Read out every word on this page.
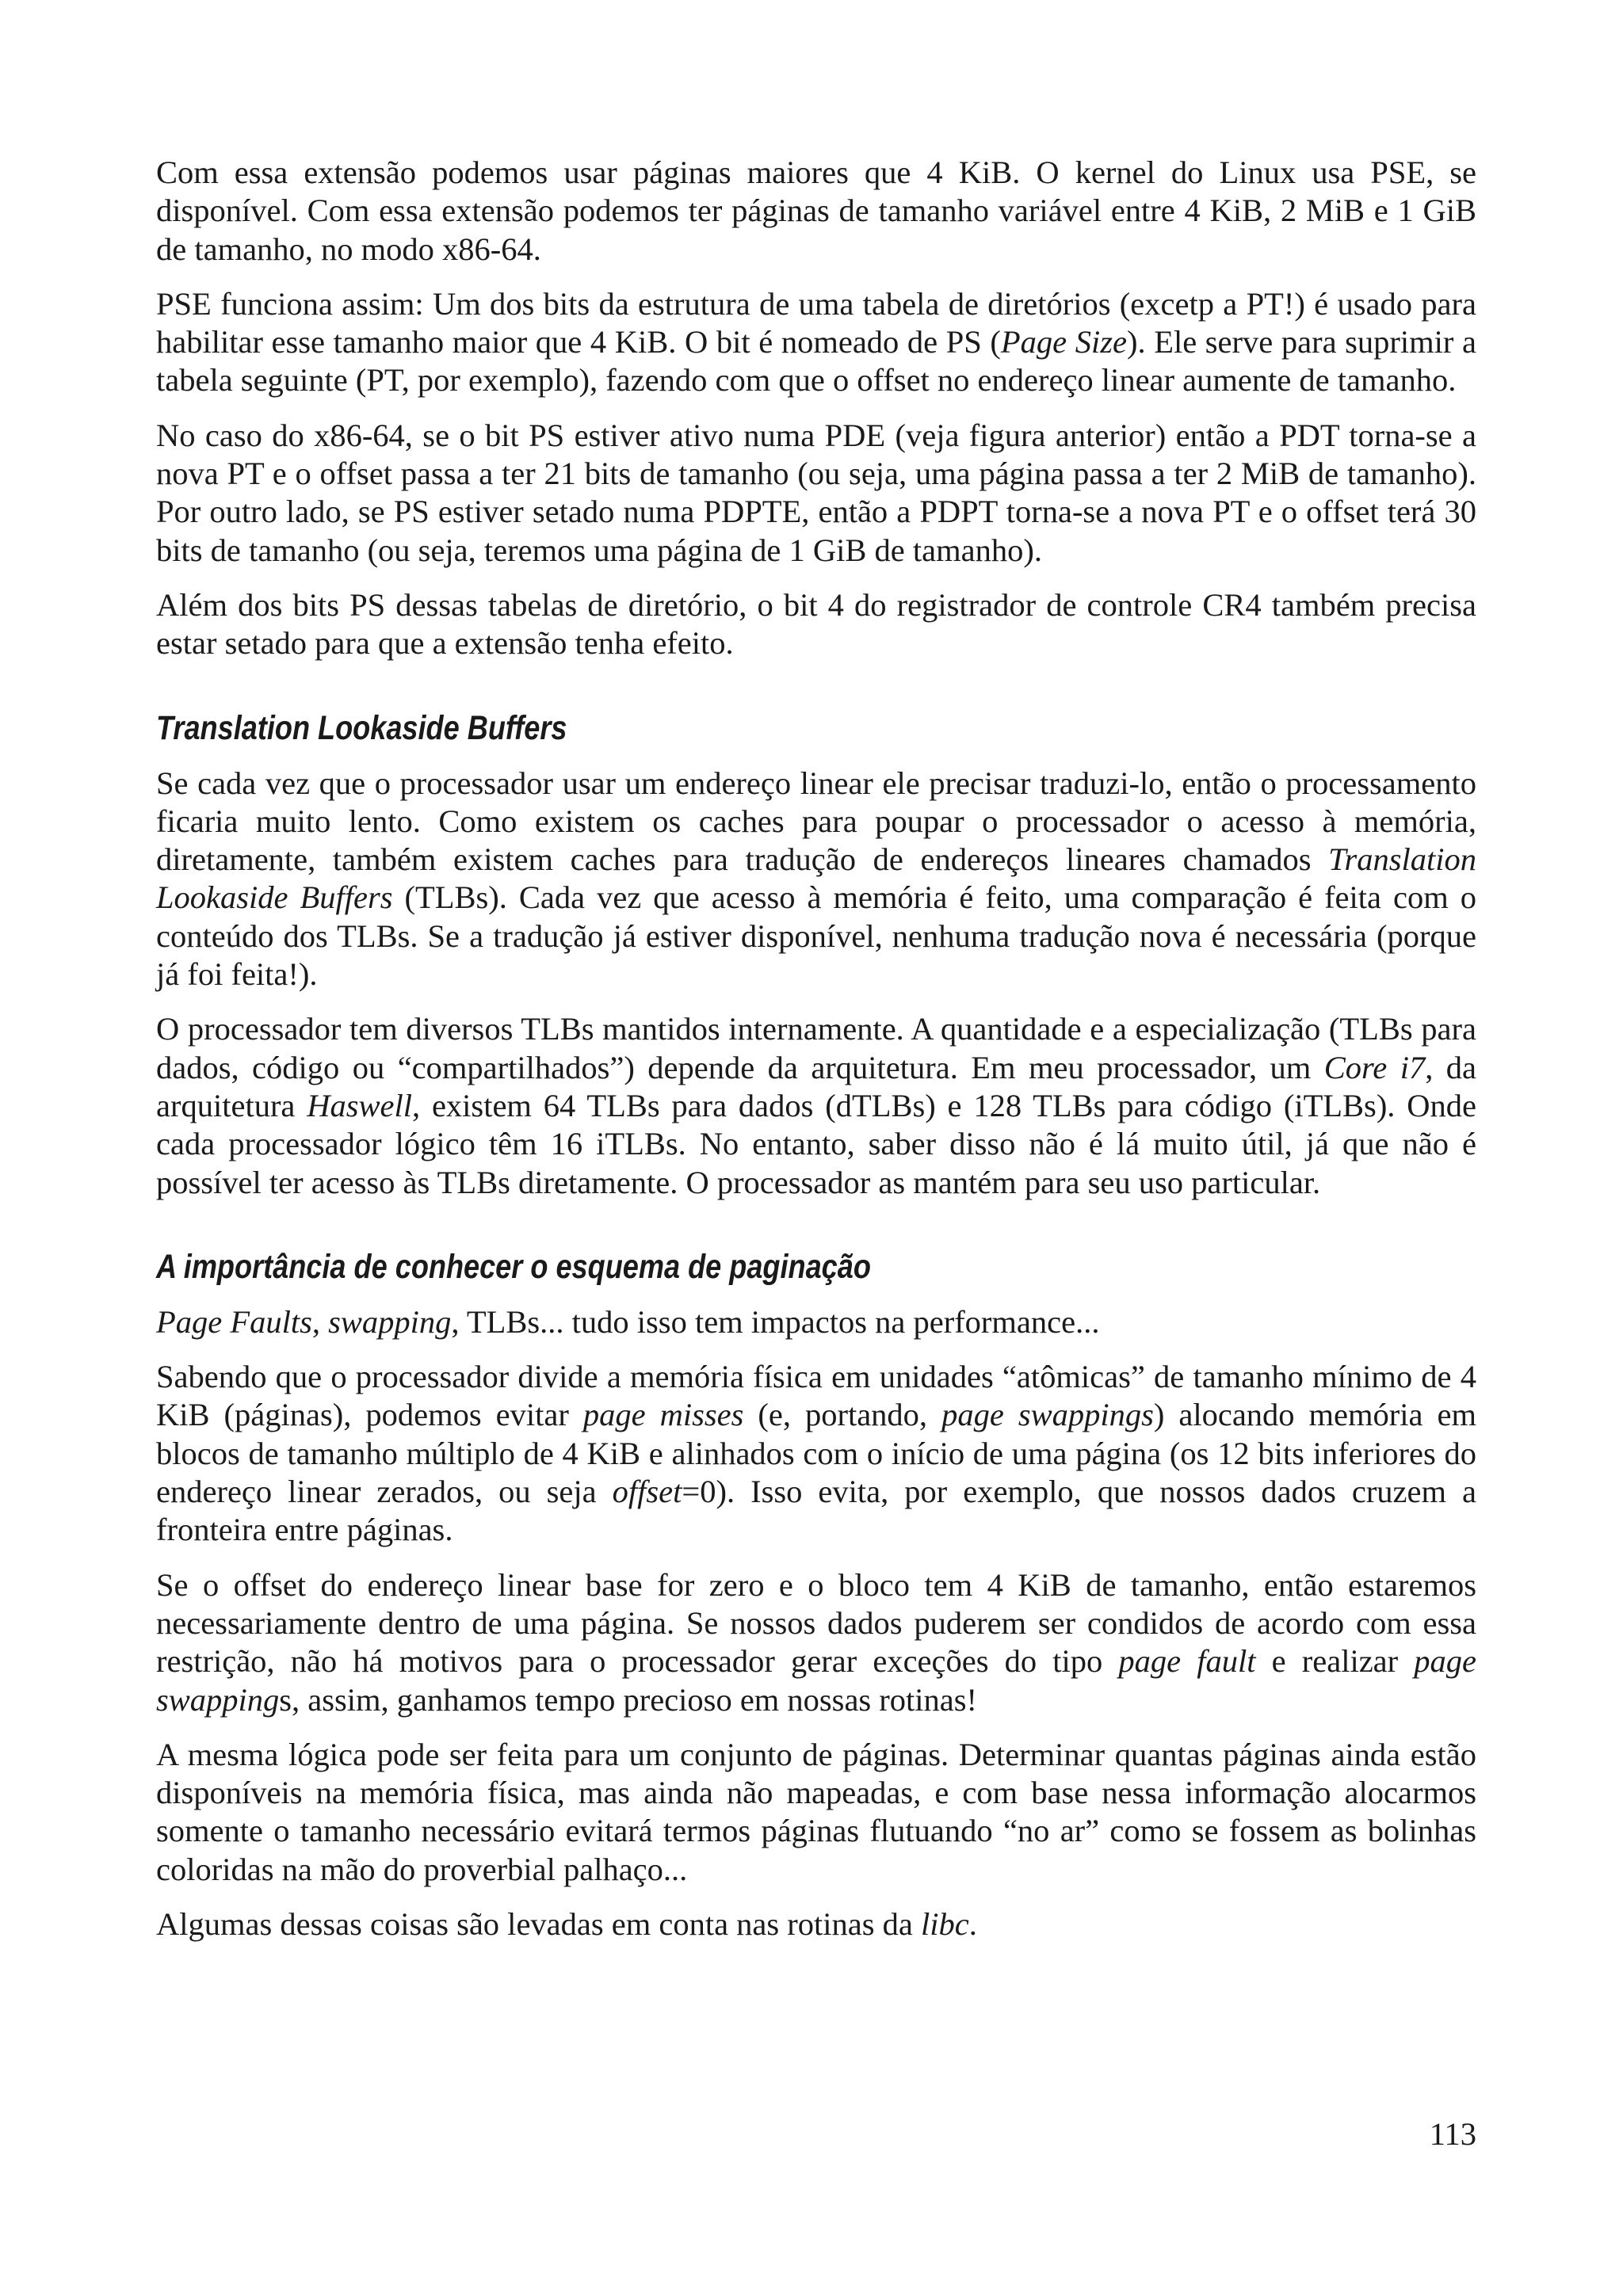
Com essa extensão podemos usar páginas maiores que 4 KiB. O kernel do Linux usa PSE, se disponível. Com essa extensão podemos ter páginas de tamanho variável entre 4 KiB, 2 MiB e 1 GiB de tamanho, no modo x86-64.

PSE funciona assim: Um dos bits da estrutura de uma tabela de diretórios (excetp a PT!) é usado para habilitar esse tamanho maior que 4 KiB. O bit é nomeado de PS (Page Size). Ele serve para suprimir a tabela seguinte (PT, por exemplo), fazendo com que o offset no endereço linear aumente de tamanho.

No caso do x86-64, se o bit PS estiver ativo numa PDE (veja figura anterior) então a PDT torna-se a nova PT e o offset passa a ter 21 bits de tamanho (ou seja, uma página passa a ter 2 MiB de tamanho). Por outro lado, se PS estiver setado numa PDPTE, então a PDPT torna-se a nova PT e o offset terá 30 bits de tamanho (ou seja, teremos uma página de 1 GiB de tamanho).

Além dos bits PS dessas tabelas de diretório, o bit 4 do registrador de controle CR4 também precisa estar setado para que a extensão tenha efeito.

Translation Lookaside Buffers

Se cada vez que o processador usar um endereço linear ele precisar traduzi-lo, então o processamento ficaria muito lento. Como existem os caches para poupar o processador o acesso à memória, diretamente, também existem caches para tradução de endereços lineares chamados Translation Lookaside Buffers (TLBs). Cada vez que acesso à memória é feito, uma comparação é feita com o conteúdo dos TLBs. Se a tradução já estiver disponível, nenhuma tradução nova é necessária (porque já foi feita!).

O processador tem diversos TLBs mantidos internamente. A quantidade e a especialização (TLBs para dados, código ou “compartilhados”) depende da arquitetura. Em meu processador, um Core i7, da arquitetura Haswell, existem 64 TLBs para dados (dTLBs) e 128 TLBs para código (iTLBs). Onde cada processador lógico têm 16 iTLBs. No entanto, saber disso não é lá muito útil, já que não é possível ter acesso às TLBs diretamente. O processador as mantém para seu uso particular.

A importância de conhecer o esquema de paginação

Page Faults, swapping, TLBs... tudo isso tem impactos na performance...

Sabendo que o processador divide a memória física em unidades “atômicas” de tamanho mínimo de 4 KiB (páginas), podemos evitar page misses (e, portando, page swappings) alocando memória em blocos de tamanho múltiplo de 4 KiB e alinhados com o início de uma página (os 12 bits inferiores do endereço linear zerados, ou seja offset=0). Isso evita, por exemplo, que nossos dados cruzem a fronteira entre páginas.

Se o offset do endereço linear base for zero e o bloco tem 4 KiB de tamanho, então estaremos necessariamente dentro de uma página. Se nossos dados puderem ser condidos de acordo com essa restrição, não há motivos para o processador gerar exceções do tipo page fault e realizar page swappings, assim, ganhamos tempo precioso em nossas rotinas!

A mesma lógica pode ser feita para um conjunto de páginas. Determinar quantas páginas ainda estão disponíveis na memória física, mas ainda não mapeadas, e com base nessa informação alocarmos somente o tamanho necessário evitará termos páginas flutuando “no ar” como se fossem as bolinhas coloridas na mão do proverbial palhaço...

Algumas dessas coisas são levadas em conta nas rotinas da libc.

113
